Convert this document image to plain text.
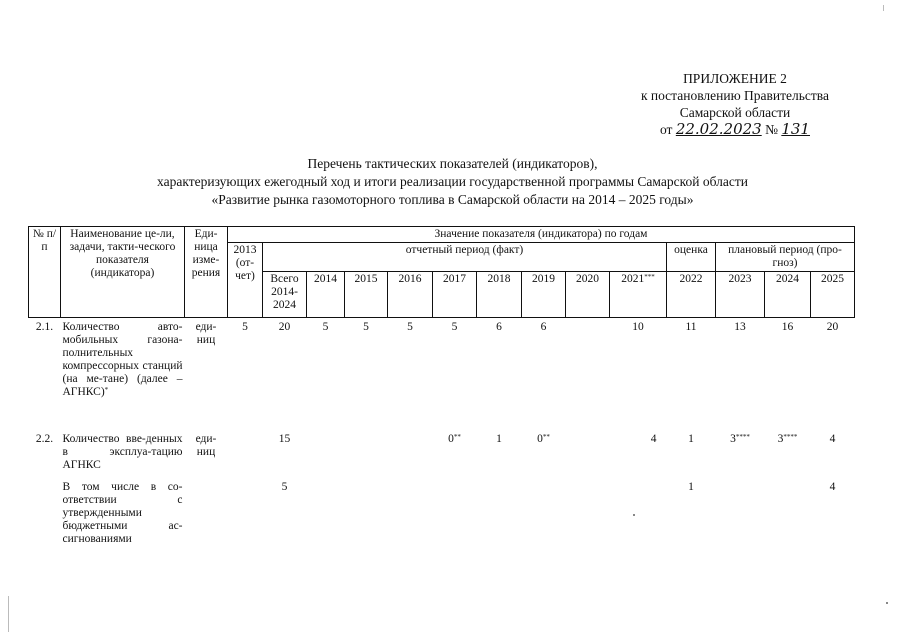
ПРИЛОЖЕНИЕ 2
к постановлению Правительства
Самарской области
от 22.02.2023 № 131
Перечень тактических показателей (индикаторов),
характеризующих ежегодный ход и итоги реализации государственной программы Самарской области
«Развитие рынка газомоторного топлива в Самарской области на 2014 – 2025 годы»
№ п/п	Наименование це-ли, задачи, такти-ческого показателя (индикатора)	Еди-ница изме-рения	Значение показателя (индикатора) по годам													
			2013 (от-чет)	отчетный период (факт)									оценка	плановый период (про-гноз)		
				Всего 2014-2024	2014	2015	2016	2017	2018	2019	2020	2021***	2022	2023	2024	2025
2.1.	Количество авто-мобильных газона-полнительных компрессорных станций (на ме-тане) (далее – АГНКС)*	еди-ниц	5	20	5	5	5	5	6	6		10	11	13	16	20
2.2.	Количество вве-денных в эксплуа-тацию АГНКС	еди-ниц		15				0**	1	0**		4	1	3****	3****	4
	В том числе в со-ответствии с утвержденными бюджетными ас-сигнованиями			5									1			4
